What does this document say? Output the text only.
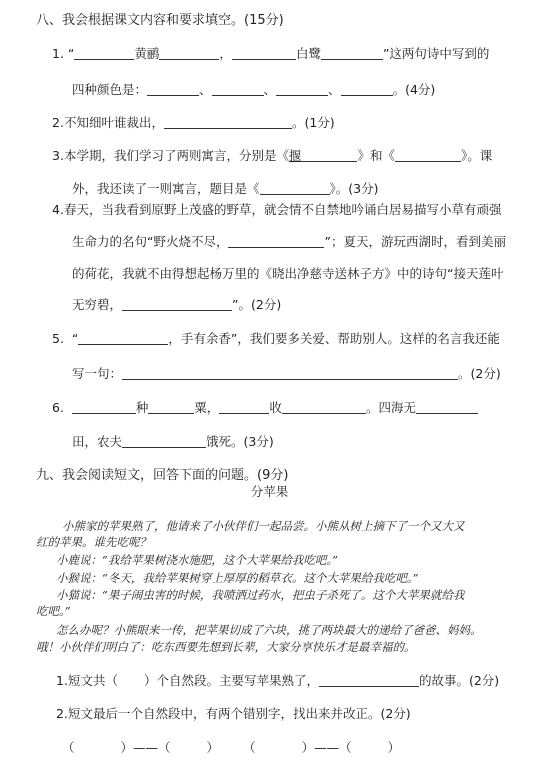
八、我会根据课文内容和要求填空。(15分)
1. “	黄鹂	，	白鹭	”这两句诗中写到的
四种颜色是：	、	、	、	。(4分)
2.不知细叶谁裁出，	。(1分)
3.本学期，我们学习了两则寓言，分别是《揠	》和《	》。课
外，我还读了一则寓言，题目是《	》。(3分)
4.春天，当我看到原野上茂盛的野草，就会情不自禁地吟诵白居易描写小草有顽强
生命力的名句“野火烧不尽，	”；夏天，游玩西湖时，看到美丽
的荷花，我就不由得想起杨万里的《晓出净慈寺送林子方》中的诗句“接天莲叶
无穷碧，	”。(2分)
5. “	，手有余香”，我们要多关爱、帮助别人。这样的名言我还能
写一句：	。(2分)
6.	种	粟，	收	。四海无
田，农夫	饿死。(3分)
九、我会阅读短文，回答下面的问题。(9分)
分苹果
小熊家的苹果熟了，他请来了小伙伴们一起品尝。小熊从树上摘下了一个又大又
红的苹果。谁先吃呢？
小鹿说：“我给苹果树浇水施肥，这个大苹果给我吃吧。”
小猴说：“冬天，我给苹果树穿上厚厚的稻草衣。这个大苹果给我吃吧。”
小猫说：“果子闹虫害的时候，我喷洒过药水，把虫子杀死了。这个大苹果就给我
吃吧。”
怎么办呢？小熊眼来一传，把苹果切成了六块，挑了两块最大的递给了爸爸、妈妈。
哦！小伙伴们明白了：吃东西要先想到长辈，大家分享快乐才是最幸福的。
1.短文共（ ）个自然段。主要写苹果熟了，	的故事。(2分)
2.短文最后一个自然段中，有两个错别字，找出来并改正。(2分)
（	）——（	） （	）——（	）
